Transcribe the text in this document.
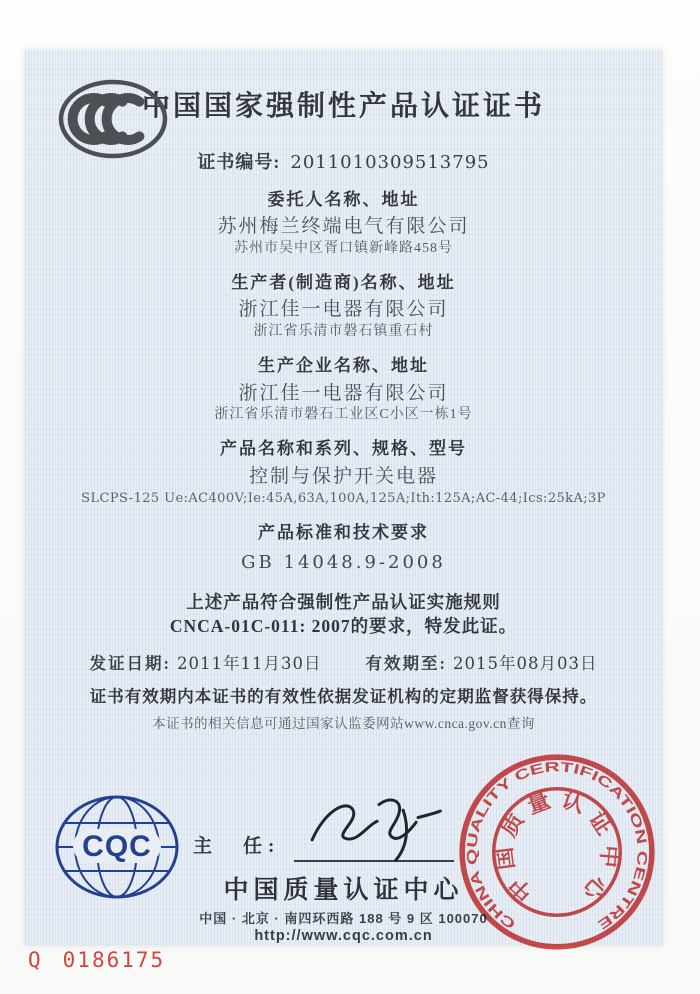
中国国家强制性产品认证证书
证书编号: 2011010309513795
委托人名称、地址
苏州梅兰终端电气有限公司
苏州市吴中区胥口镇新峰路458号
生产者(制造商)名称、地址
浙江佳一电器有限公司
浙江省乐清市磐石镇重石村
生产企业名称、地址
浙江佳一电器有限公司
浙江省乐清市磐石工业区C小区一栋1号
产品名称和系列、规格、型号
控制与保护开关电器
SLCPS-125 Ue:AC400V;Ie:45A,63A,100A,125A;Ith:125A;AC-44;Ics:25kA;3P
产品标准和技术要求
GB 14048.9-2008
上述产品符合强制性产品认证实施规则
CNCA-01C-011: 2007的要求，特发此证。
发证日期: 2011年11月30日	有效期至: 2015年08月03日
证书有效期内本证书的有效性依据发证机构的定期监督获得保持。
本证书的相关信息可通过国家认监委网站www.cnca.gov.cn查询
CQC 主　任:
中国质量认证中心
中国 · 北京 · 南四环西路 188 号 9 区 100070
http://www.cqc.com.cn
CHINA QUALITY CERTIFICATION CENTRE
中国质量认证中心
Q 0186175
